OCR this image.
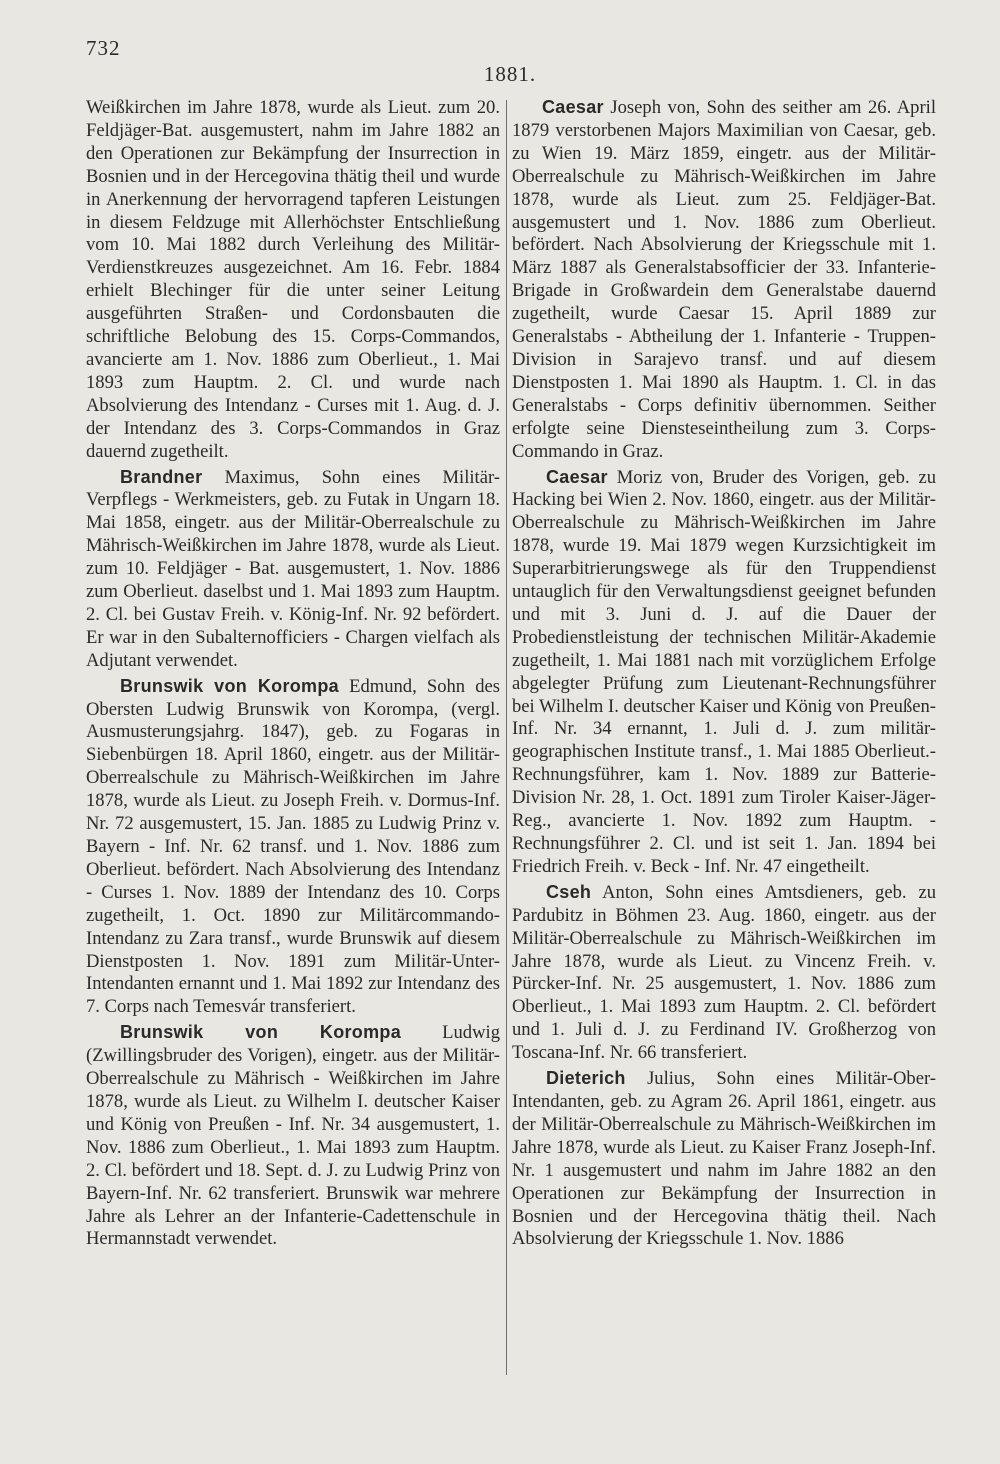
732
1881.

Weißkirchen im Jahre 1878, wurde als Lieut. zum 20. Feldjäger-Bat. ausgemustert, nahm im Jahre 1882 an den Operationen zur Bekämpfung der Insurrection in Bosnien und in der Hercegovina thätig theil und wurde in Anerkennung der hervorragend tapferen Leistungen in diesem Feldzuge mit Allerhöchster Entschließung vom 10. Mai 1882 durch Verleihung des Militär-Verdienstkreuzes ausgezeichnet. Am 16. Febr. 1884 erhielt Blechinger für die unter seiner Leitung ausgeführten Straßen- und Cordonsbauten die schriftliche Belobung des 15. Corps-Commandos, avancierte am 1. Nov. 1886 zum Oberlieut., 1. Mai 1893 zum Hauptm. 2. Cl. und wurde nach Absolvierung des Intendanz - Curses mit 1. Aug. d. J. der Intendanz des 3. Corps-Commandos in Graz dauernd zugetheilt.

Brandner Maximus, Sohn eines Militär-Verpflegs - Werkmeisters, geb. zu Futak in Ungarn 18. Mai 1858, eingetr. aus der Militär-Oberrealschule zu Mährisch-Weißkirchen im Jahre 1878, wurde als Lieut. zum 10. Feldjäger - Bat. ausgemustert, 1. Nov. 1886 zum Oberlieut. daselbst und 1. Mai 1893 zum Hauptm. 2. Cl. bei Gustav Freih. v. König-Inf. Nr. 92 befördert. Er war in den Subalternofficiers - Chargen vielfach als Adjutant verwendet.

Brunswik von Korompa Edmund, Sohn des Obersten Ludwig Brunswik von Korompa, (vergl. Ausmusterungsjahrg. 1847), geb. zu Fogaras in Siebenbürgen 18. April 1860, eingetr. aus der Militär-Oberrealschule zu Mährisch-Weißkirchen im Jahre 1878, wurde als Lieut. zu Joseph Freih. v. Dormus-Inf. Nr. 72 ausgemustert, 15. Jan. 1885 zu Ludwig Prinz v. Bayern - Inf. Nr. 62 transf. und 1. Nov. 1886 zum Oberlieut. befördert. Nach Absolvierung des Intendanz - Curses 1. Nov. 1889 der Intendanz des 10. Corps zugetheilt, 1. Oct. 1890 zur Militärcommando-Intendanz zu Zara transf., wurde Brunswik auf diesem Dienstposten 1. Nov. 1891 zum Militär-Unter-Intendanten ernannt und 1. Mai 1892 zur Intendanz des 7. Corps nach Temesvár transferiert.

Brunswik von Korompa Ludwig (Zwillingsbruder des Vorigen), eingetr. aus der Militär-Oberrealschule zu Mährisch - Weißkirchen im Jahre 1878, wurde als Lieut. zu Wilhelm I. deutscher Kaiser und König von Preußen - Inf. Nr. 34 ausgemustert, 1. Nov. 1886 zum Oberlieut., 1. Mai 1893 zum Hauptm. 2. Cl. befördert und 18. Sept. d. J. zu Ludwig Prinz von Bayern-Inf. Nr. 62 transferiert. Brunswik war mehrere Jahre als Lehrer an der Infanterie-Cadettenschule in Hermannstadt verwendet.

Caesar Joseph von, Sohn des seither am 26. April 1879 verstorbenen Majors Maximilian von Caesar, geb. zu Wien 19. März 1859, eingetr. aus der Militär-Oberrealschule zu Mährisch-Weißkirchen im Jahre 1878, wurde als Lieut. zum 25. Feldjäger-Bat. ausgemustert und 1. Nov. 1886 zum Oberlieut. befördert. Nach Absolvierung der Kriegsschule mit 1. März 1887 als Generalstabsofficier der 33. Infanterie-Brigade in Großwardein dem Generalstabe dauernd zugetheilt, wurde Caesar 15. April 1889 zur Generalstabs - Abtheilung der 1. Infanterie - Truppen-Division in Sarajevo transf. und auf diesem Dienstposten 1. Mai 1890 als Hauptm. 1. Cl. in das Generalstabs - Corps definitiv übernommen. Seither erfolgte seine Diensteseintheilung zum 3. Corps-Commando in Graz.

Caesar Moriz von, Bruder des Vorigen, geb. zu Hacking bei Wien 2. Nov. 1860, eingetr. aus der Militär-Oberrealschule zu Mährisch-Weißkirchen im Jahre 1878, wurde 19. Mai 1879 wegen Kurzsichtigkeit im Superarbitrierungswege als für den Truppendienst untauglich für den Verwaltungsdienst geeignet befunden und mit 3. Juni d. J. auf die Dauer der Probedienstleistung der technischen Militär-Akademie zugetheilt, 1. Mai 1881 nach mit vorzüglichem Erfolge abgelegter Prüfung zum Lieutenant-Rechnungsführer bei Wilhelm I. deutscher Kaiser und König von Preußen-Inf. Nr. 34 ernannt, 1. Juli d. J. zum militär-geographischen Institute transf., 1. Mai 1885 Oberlieut.-Rechnungsführer, kam 1. Nov. 1889 zur Batterie-Division Nr. 28, 1. Oct. 1891 zum Tiroler Kaiser-Jäger-Reg., avancierte 1. Nov. 1892 zum Hauptm. - Rechnungsführer 2. Cl. und ist seit 1. Jan. 1894 bei Friedrich Freih. v. Beck - Inf. Nr. 47 eingetheilt.

Cseh Anton, Sohn eines Amtsdieners, geb. zu Pardubitz in Böhmen 23. Aug. 1860, eingetr. aus der Militär-Oberrealschule zu Mährisch-Weißkirchen im Jahre 1878, wurde als Lieut. zu Vincenz Freih. v. Pürcker-Inf. Nr. 25 ausgemustert, 1. Nov. 1886 zum Oberlieut., 1. Mai 1893 zum Hauptm. 2. Cl. befördert und 1. Juli d. J. zu Ferdinand IV. Großherzog von Toscana-Inf. Nr. 66 transferiert.

Dieterich Julius, Sohn eines Militär-Ober-Intendanten, geb. zu Agram 26. April 1861, eingetr. aus der Militär-Oberrealschule zu Mährisch-Weißkirchen im Jahre 1878, wurde als Lieut. zu Kaiser Franz Joseph-Inf. Nr. 1 ausgemustert und nahm im Jahre 1882 an den Operationen zur Bekämpfung der Insurrection in Bosnien und der Hercegovina thätig theil. Nach Absolvierung der Kriegsschule 1. Nov. 1886
